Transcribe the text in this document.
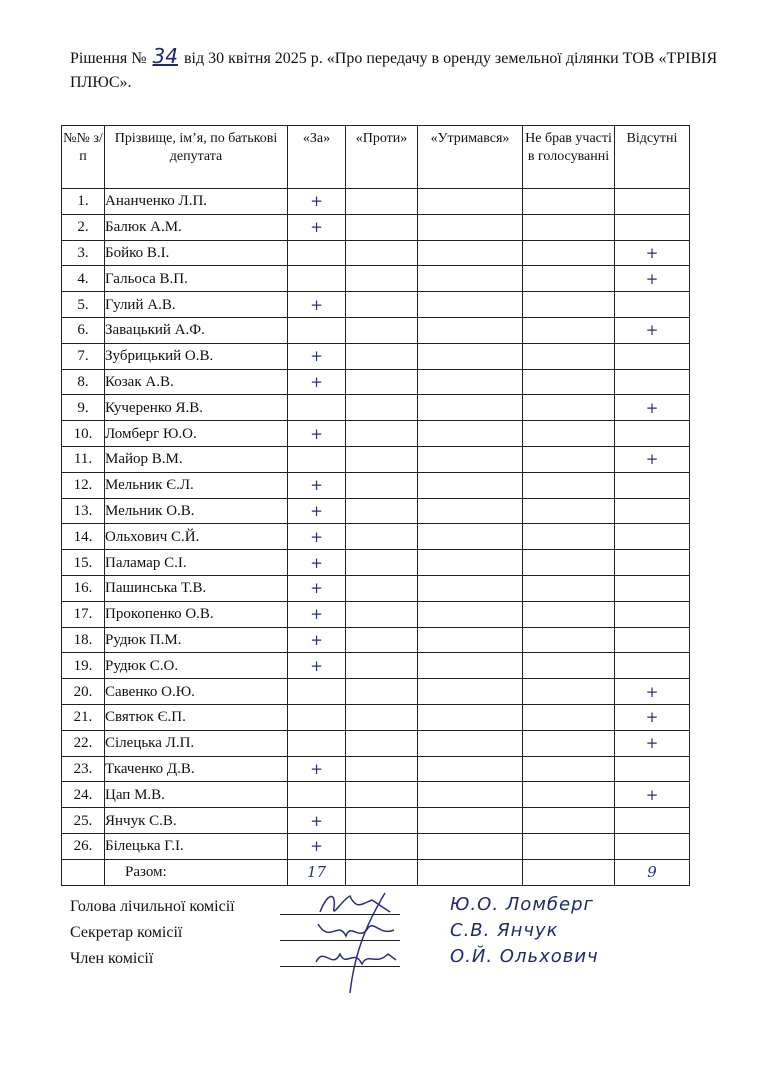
Рішення № 34 від 30 квітня 2025 р. «Про передачу в оренду земельної ділянки ТОВ «ТРІВІЯ ПЛЮС».
№№ з/п	Прізвище, ім’я, по батькові депутата	«За»	«Проти»	«Утримався»	Не брав участі в голосуванні	Відсутні
1.	Ананченко Л.П.	+				
2.	Балюк А.М.	+				
3.	Бойко В.І.					+
4.	Гальоса В.П.					+
5.	Гулий А.В.	+				
6.	Завацький А.Ф.					+
7.	Зубрицький О.В.	+				
8.	Козак А.В.	+				
9.	Кучеренко Я.В.					+
10.	Ломберг Ю.О.	+				
11.	Майор В.М.					+
12.	Мельник Є.Л.	+				
13.	Мельник О.В.	+				
14.	Ольхович С.Й.	+				
15.	Паламар С.І.	+				
16.	Пашинська Т.В.	+				
17.	Прокопенко О.В.	+				
18.	Рудюк П.М.	+				
19.	Рудюк С.О.	+				
20.	Савенко О.Ю.					+
21.	Святюк Є.П.					+
22.	Сілецька Л.П.					+
23.	Ткаченко Д.В.	+				
24.	Цап М.В.					+
25.	Янчук С.В.	+				
26.	Білецька Г.І.	+				
	Разом:	17				9
Голова лічильної комісії	Ю.О. Ломберг
Секретар комісії	С.В. Янчук
Член комісії	О.Й. Ольхович
